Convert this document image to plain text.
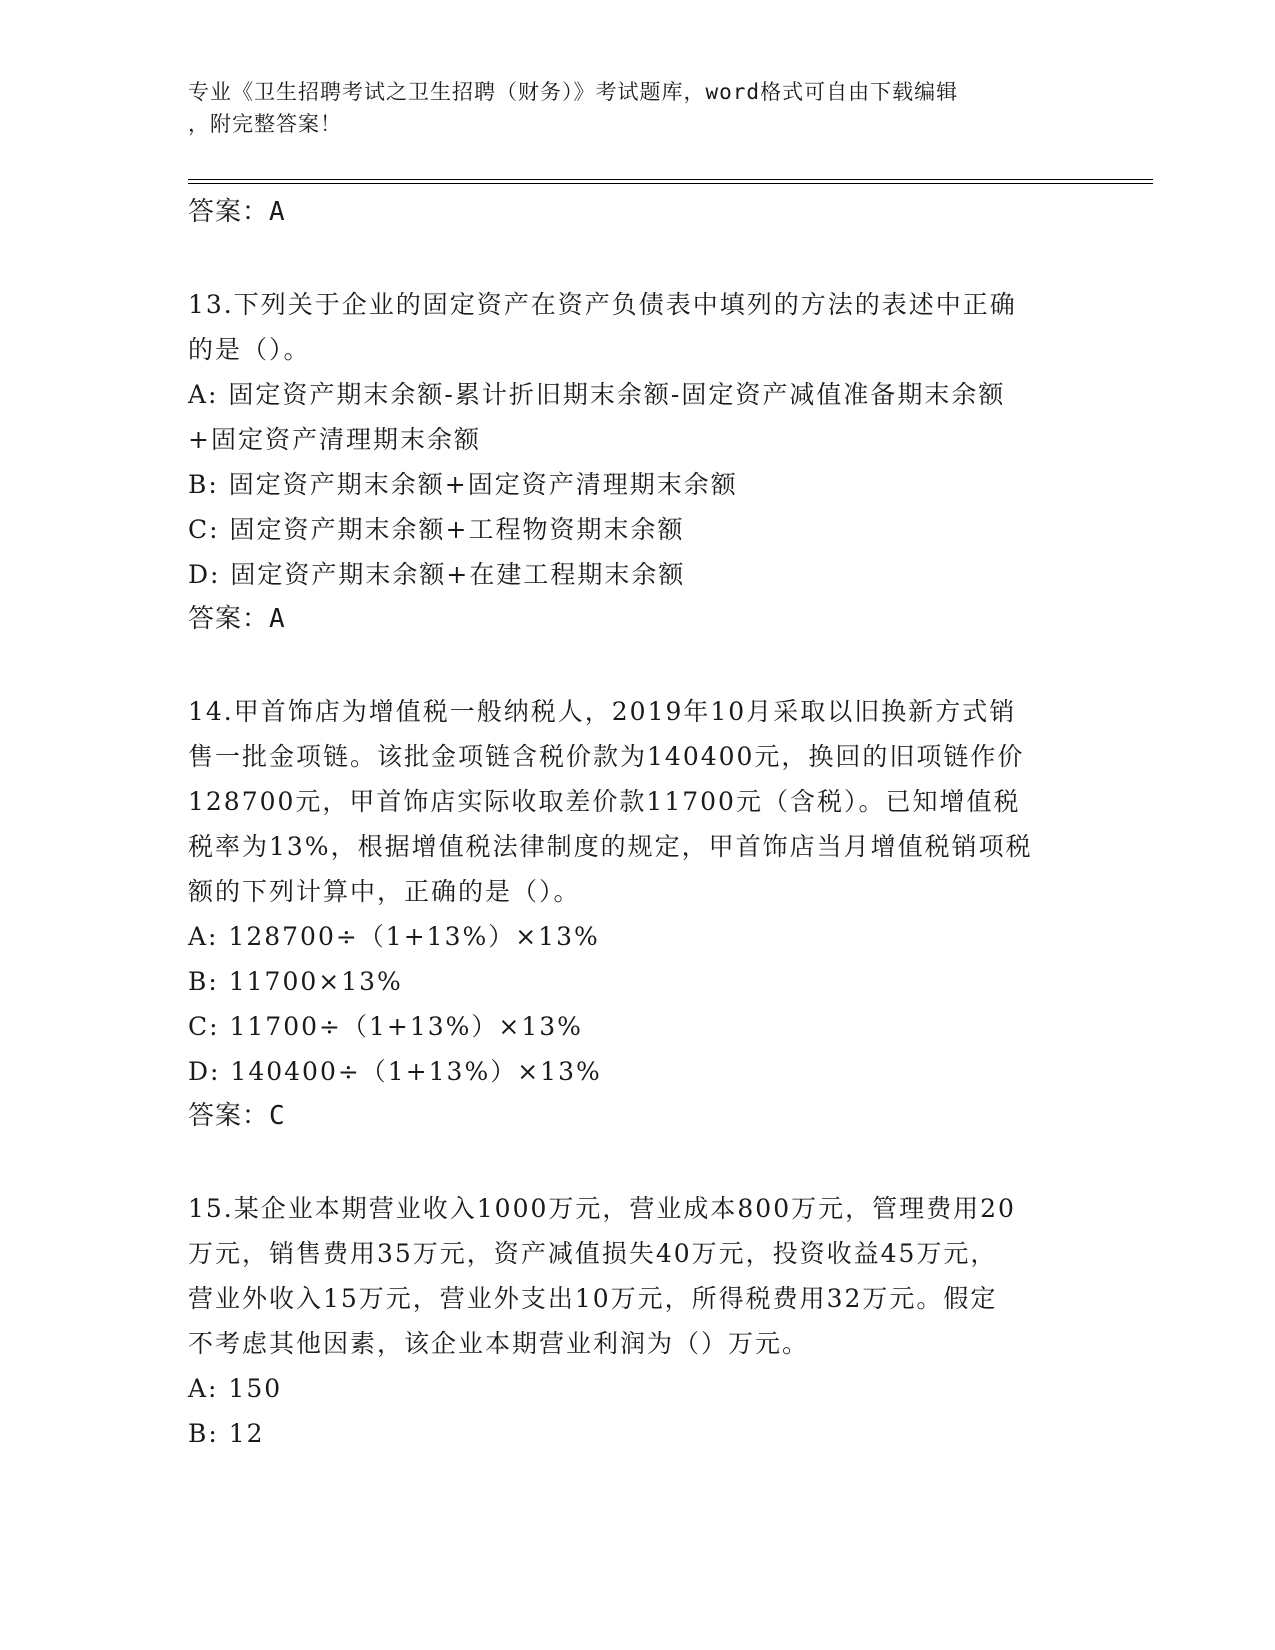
专业《卫生招聘考试之卫生招聘（财务）》考试题库，word格式可自由下载编辑
，附完整答案！
答案：A
13.下列关于企业的固定资产在资产负债表中填列的方法的表述中正确
的是（）。
A: 固定资产期末余额-累计折旧期末余额-固定资产减值准备期末余额
+固定资产清理期末余额
B: 固定资产期末余额+固定资产清理期末余额
C: 固定资产期末余额+工程物资期末余额
D: 固定资产期末余额+在建工程期末余额
答案：A
14.甲首饰店为增值税一般纳税人，2019年10月采取以旧换新方式销
售一批金项链。该批金项链含税价款为140400元，换回的旧项链作价
128700元，甲首饰店实际收取差价款11700元（含税）。已知增值税
税率为13%，根据增值税法律制度的规定，甲首饰店当月增值税销项税
额的下列计算中，正确的是（）。
A: 128700÷（1+13%）×13%
B: 11700×13%
C: 11700÷（1+13%）×13%
D: 140400÷（1+13%）×13%
答案：C
15.某企业本期营业收入1000万元，营业成本800万元，管理费用20
万元，销售费用35万元，资产减值损失40万元，投资收益45万元，
营业外收入15万元，营业外支出10万元，所得税费用32万元。假定
不考虑其他因素，该企业本期营业利润为（）万元。
A: 150
B: 12
